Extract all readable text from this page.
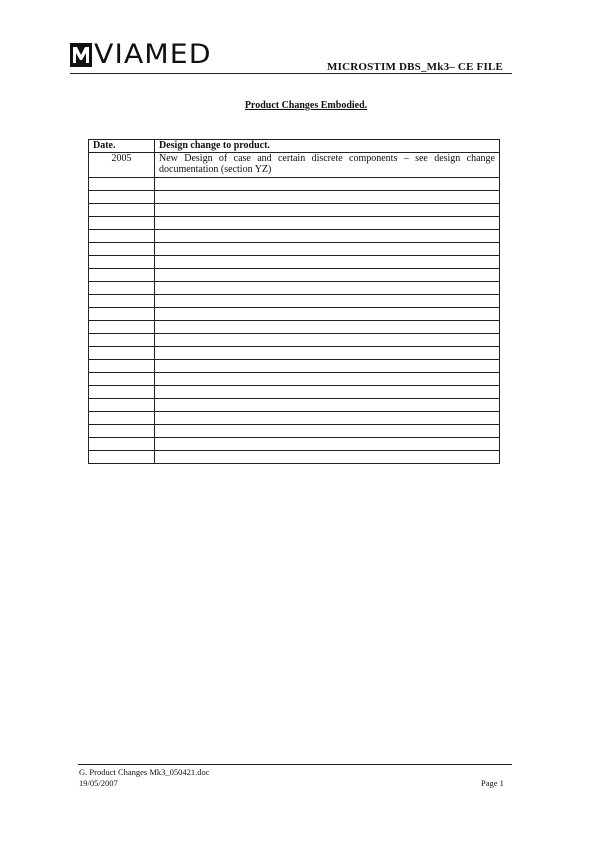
VIAMED	MICROSTIM DBS_Mk3– CE FILE
Product Changes Embodied.
Date.	Design change to product.
2005	New Design of case and certain discrete components – see design change documentation (section YZ)

G. Product Changes Mk3_050421.doc
19/05/2007	Page 1
